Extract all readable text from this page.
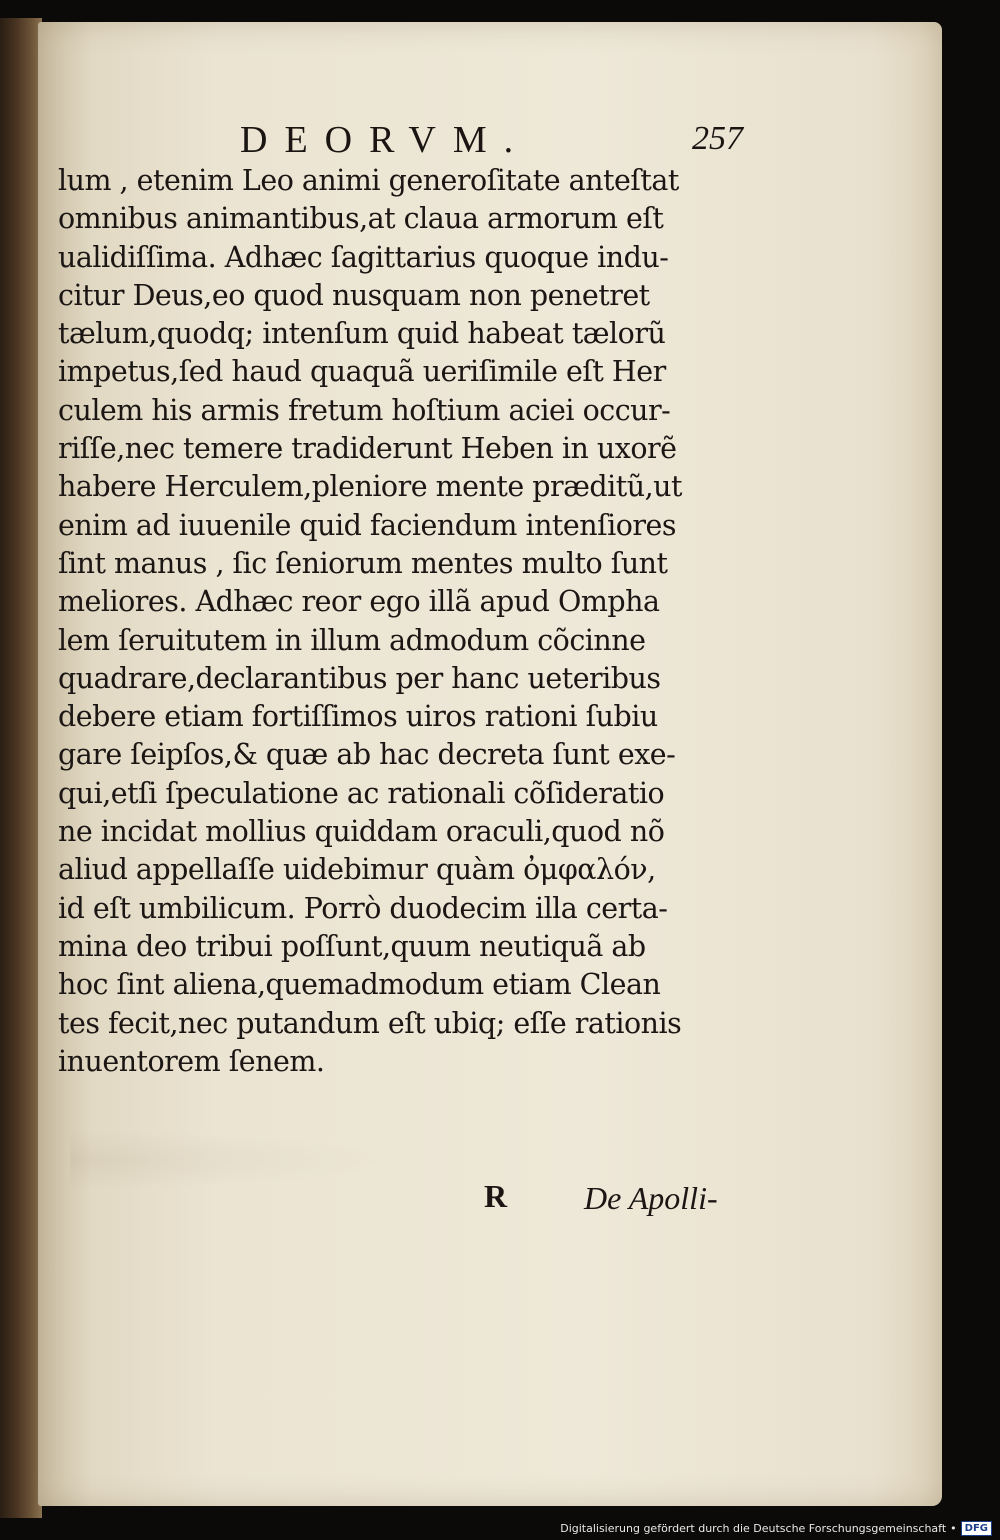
DEORVM.	257
lum , etenim Leo animi generoſitate anteſtat
omnibus animantibus,at claua armorum eſt
ualidiſſima. Adhæc ſagittarius quoque indu-
citur Deus,eo quod nusquam non penetret
tælum,quodq; intenſum quid habeat tælorũ
impetus,ſed haud quaquã ueriſimile eſt Her
culem his armis fretum hoſtium aciei occur-
riſſe,nec temere tradiderunt Heben in uxorẽ
habere Herculem,pleniore mente præditũ,ut
enim ad iuuenile quid faciendum intenſiores
ſint manus , ſic ſeniorum mentes multo ſunt
meliores. Adhæc reor ego illã apud Ompha
lem ſeruitutem in illum admodum cõcinne
quadrare,declarantibus per hanc ueteribus
debere etiam fortiſſimos uiros rationi ſubiu
gare ſeipſos,& quæ ab hac decreta ſunt exe-
qui,etſi ſpeculatione ac rationali cõſideratio
ne incidat mollius quiddam oraculi,quod nõ
aliud appellaſſe uidebimur quàm ὀμφαλόν,
id eſt umbilicum. Porrò duodecim illa certa-
mina deo tribui poſſunt,quum neutiquã ab
hoc ſint aliena,quemadmodum etiam Clean
tes fecit,nec putandum eſt ubiq; eſſe rationis
inuentorem ſenem.
R De Apolli-
Digitalisierung gefördert durch die Deutsche Forschungsgemeinschaft • DFG
